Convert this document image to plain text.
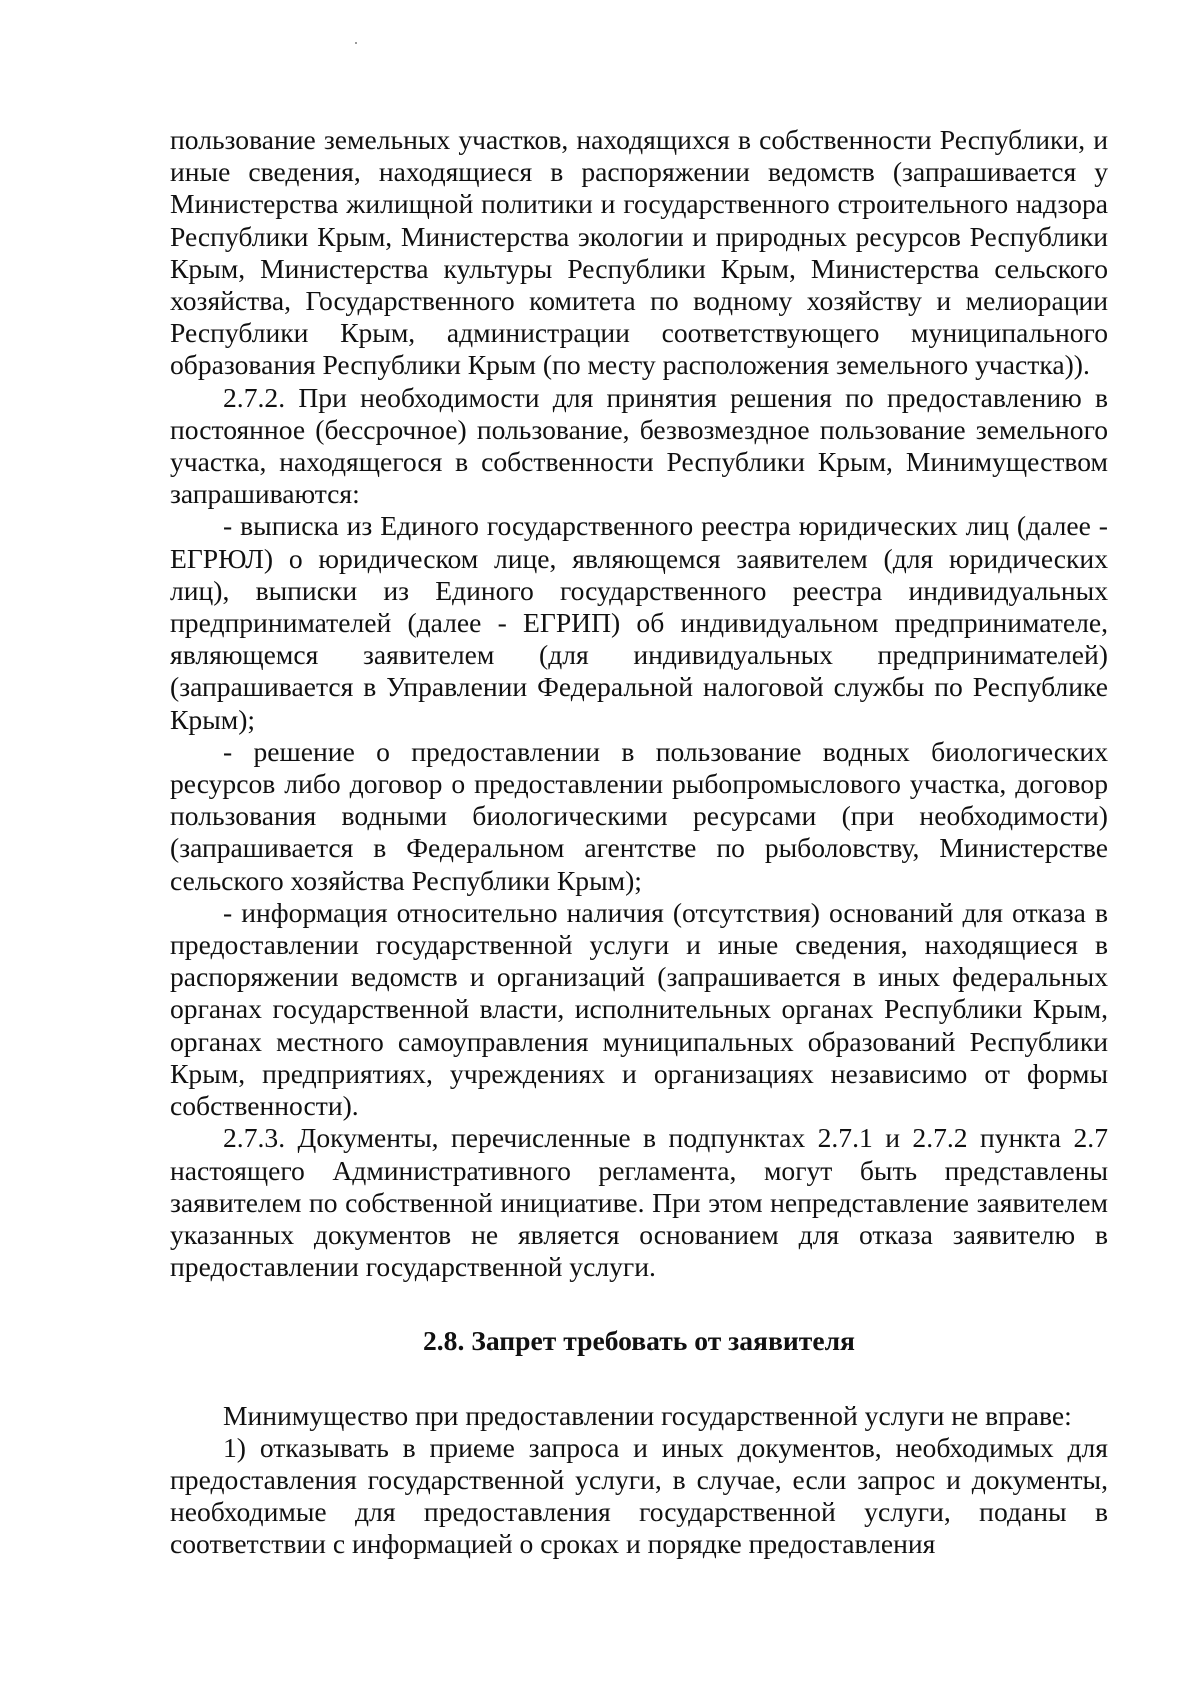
пользование земельных участков, находящихся в собственности Республики, и иные сведения, находящиеся в распоряжении ведомств (запрашивается у Министерства жилищной политики и государственного строительного надзора Республики Крым, Министерства экологии и природных ресурсов Республики Крым, Министерства культуры Республики Крым, Министерства сельского хозяйства, Государственного комитета по водному хозяйству и мелиорации Республики Крым, администрации соответствующего муниципального образования Республики Крым (по месту расположения земельного участка)).

2.7.2. При необходимости для принятия решения по предоставлению в постоянное (бессрочное) пользование, безвозмездное пользование земельного участка, находящегося в собственности Республики Крым, Минимуществом запрашиваются:

- выписка из Единого государственного реестра юридических лиц (далее - ЕГРЮЛ) о юридическом лице, являющемся заявителем (для юридических лиц), выписки из Единого государственного реестра индивидуальных предпринимателей (далее - ЕГРИП) об индивидуальном предпринимателе, являющемся заявителем (для индивидуальных предпринимателей) (запрашивается в Управлении Федеральной налоговой службы по Республике Крым);

- решение о предоставлении в пользование водных биологических ресурсов либо договор о предоставлении рыбопромыслового участка, договор пользования водными биологическими ресурсами (при необходимости) (запрашивается в Федеральном агентстве по рыболовству, Министерстве сельского хозяйства Республики Крым);

- информация относительно наличия (отсутствия) оснований для отказа в предоставлении государственной услуги и иные сведения, находящиеся в распоряжении ведомств и организаций (запрашивается в иных федеральных органах государственной власти, исполнительных органах Республики Крым, органах местного самоуправления муниципальных образований Республики Крым, предприятиях, учреждениях и организациях независимо от формы собственности).

2.7.3. Документы, перечисленные в подпунктах 2.7.1 и 2.7.2 пункта 2.7 настоящего Административного регламента, могут быть представлены заявителем по собственной инициативе. При этом непредставление заявителем указанных документов не является основанием для отказа заявителю в предоставлении государственной услуги.

2.8. Запрет требовать от заявителя

Минимущество при предоставлении государственной услуги не вправе:

1) отказывать в приеме запроса и иных документов, необходимых для предоставления государственной услуги, в случае, если запрос и документы, необходимые для предоставления государственной услуги, поданы в соответствии с информацией о сроках и порядке предоставления
